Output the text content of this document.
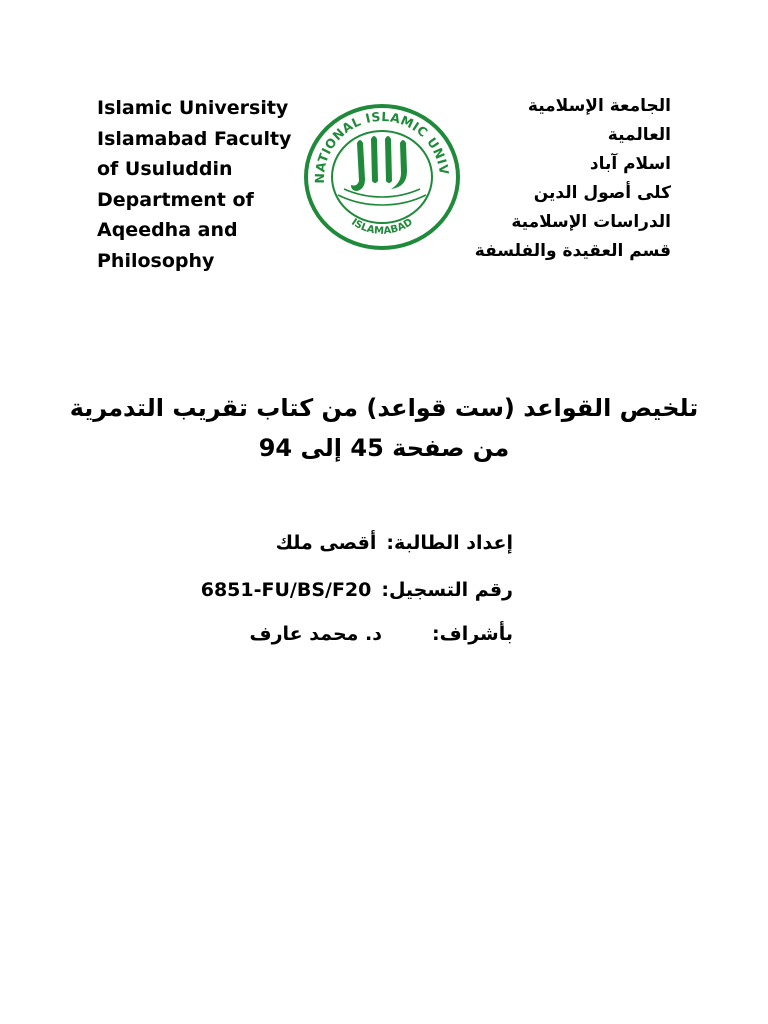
Islamic University
Islamabad Faculty
of Usuluddin
Department of
Aqeedha and
Philosophy
NATIONAL ISLAMIC UNIV
ISLAMABAD
الجامعة الإسلامية
العالمية
اسلام آباد
كلى أصول الدين
الدراسات الإسلامية
قسم العقيدة والفلسفة
تلخيص القواعد (ست قواعد) من كتاب تقريب التدمرية
من صفحة 45 إلى 94
إعداد الطالبة:
أقصى ملك
رقم التسجيل:
6851-FU/BS/F20
بأشراف:
د. محمد عارف
